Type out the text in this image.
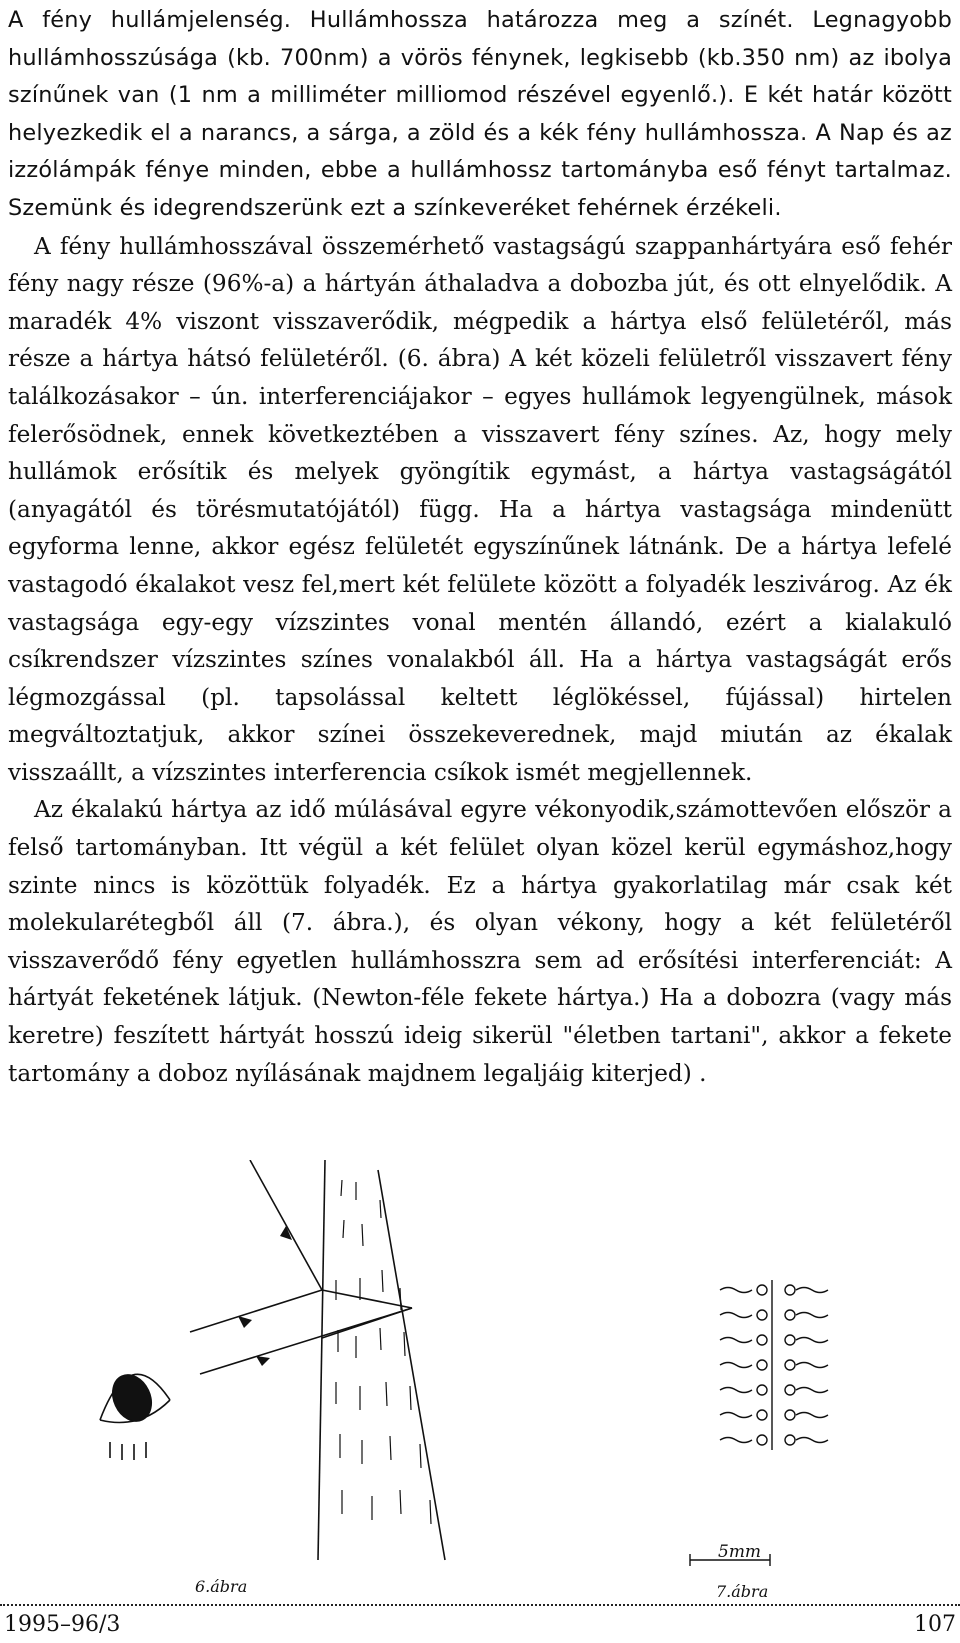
A fény hullámjelenség. Hullámhossza határozza meg a színét. Legnagyobb hullámhosszúsága (kb. 700nm) a vörös fénynek, legkisebb (kb.350 nm) az ibolya színűnek van (1 nm a milliméter milliomod részével egyenlő.). E két határ között helyezkedik el a narancs, a sárga, a zöld és a kék fény hullámhossza. A Nap és az izzólámpák fénye minden, ebbe a hullámhossz tartományba eső fényt tartalmaz. Szemünk és idegrendszerünk ezt a színkeveréket fehérnek érzékeli.

A fény hullámhosszával összemérhető vastagságú szappanhártyára eső fehér fény nagy része (96%-a) a hártyán áthaladva a dobozba jút, és ott elnyelődik. A maradék 4% viszont visszaverődik, mégpedik a hártya első felületéről, más része a hártya hátsó felületéről. (6. ábra) A két közeli felületről visszavert fény találkozásakor – ún. interferenciájakor – egyes hullámok legyengülnek, mások felerősödnek, ennek következtében a visszavert fény színes. Az, hogy mely hullámok erősítik és melyek gyöngítik egymást, a hártya vastagságától (anyagától és törésmutatójától) függ. Ha a hártya vastagsága mindenütt egyforma lenne, akkor egész felületét egyszínűnek látnánk. De a hártya lefelé vastagodó ékalakot vesz fel,mert két felülete között a folyadék leszivárog. Az ék vastagsága egy-egy vízszintes vonal mentén állandó, ezért a kialakuló csíkrendszer vízszintes színes vonalakból áll. Ha a hártya vastagságát erős légmozgással (pl. tapsolással keltett léglökéssel, fújással) hirtelen megváltoztatjuk, akkor színei összekeverednek, majd miután az ékalak visszaállt, a vízszintes interferencia csíkok ismét megjellennek.

Az ékalakú hártya az idő múlásával egyre vékonyodik,számottevően először a felső tartományban. Itt végül a két felület olyan közel kerül egymáshoz,hogy szinte nincs is közöttük folyadék. Ez a hártya gyakorlatilag már csak két molekularétegből áll (7. ábra.), és olyan vékony, hogy a két felületéről visszaverődő fény egyetlen hullámhosszra sem ad erősítési interferenciát: A hártyát feketének látjuk. (Newton-féle fekete hártya.) Ha a dobozra (vagy más keretre) feszített hártyát hosszú ideig sikerül "életben tartani", akkor a fekete tartomány a doboz nyílásának majdnem legaljáig kiterjed) .

6.ábra
5mm
7.ábra
1995–96/3	107
